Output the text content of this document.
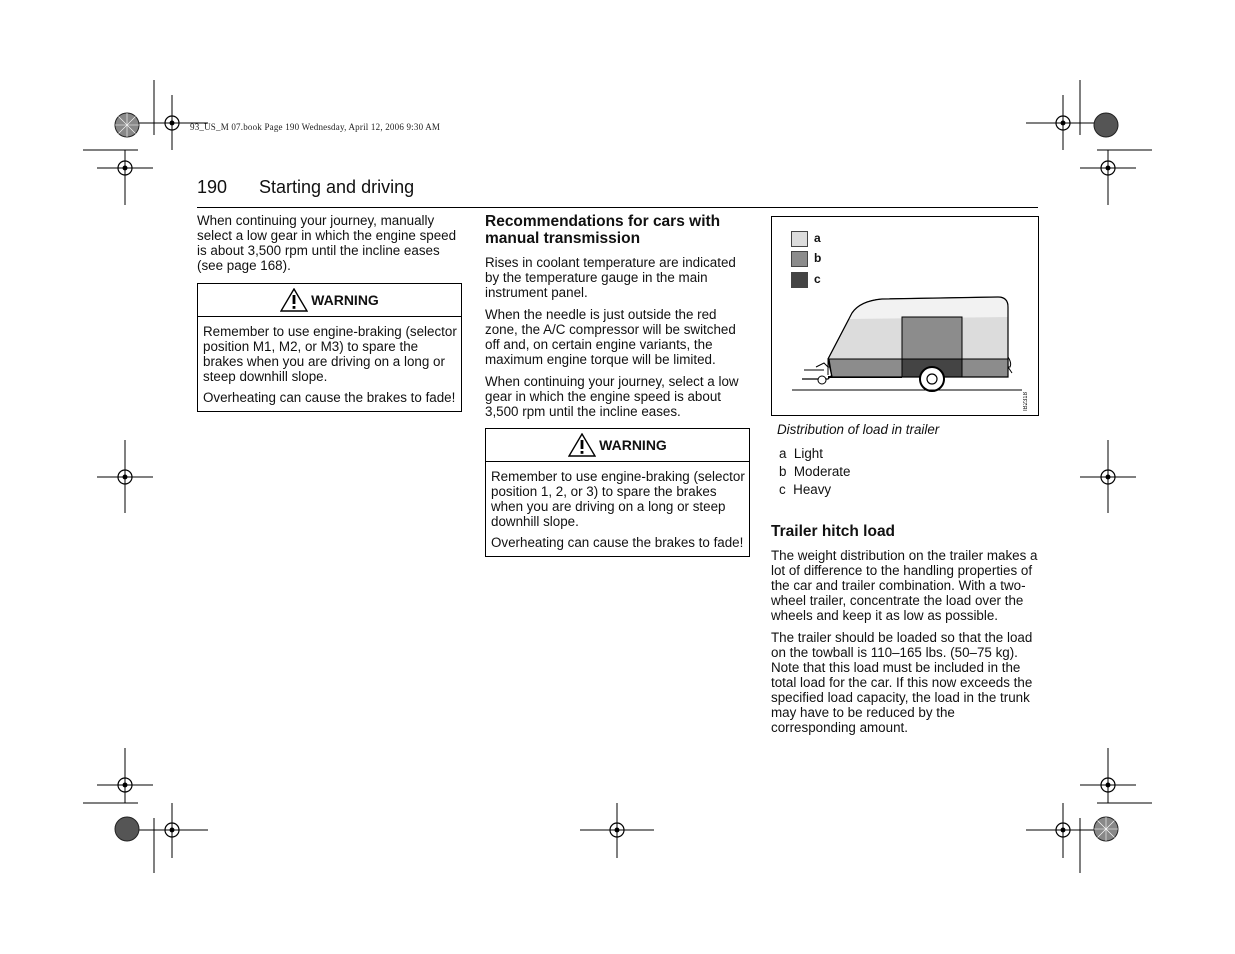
93_US_M 07.book Page 190 Wednesday, April 12, 2006 9:30 AM
190 Starting and driving

When continuing your journey, manually select a low gear in which the engine speed is about 3,500 rpm until the incline eases (see page 168).

WARNING

Remember to use engine-braking (selector position M1, M2, or M3) to spare the brakes when you are driving on a long or steep downhill slope.

Overheating can cause the brakes to fade!

Recommendations for cars with manual transmission

Rises in coolant temperature are indicated by the temperature gauge in the main instrument panel.

When the needle is just outside the red zone, the A/C compressor will be switched off and, on certain engine variants, the maximum engine torque will be limited.

When continuing your journey, select a low gear in which the engine speed is about 3,500 rpm until the incline eases.

WARNING

Remember to use engine-braking (selector position 1, 2, or 3) to spare the brakes when you are driving on a long or steep downhill slope.

Overheating can cause the brakes to fade!

a
b
c
IB2318
Distribution of load in trailer
a Light
b Moderate
c Heavy
Trailer hitch load

The weight distribution on the trailer makes a lot of difference to the handling properties of the car and trailer combination. With a two-wheel trailer, concentrate the load over the wheels and keep it as low as possible.

The trailer should be loaded so that the load on the towball is 110–165 lbs. (50–75 kg). Note that this load must be included in the total load for the car. If this now exceeds the specified load capacity, the load in the trunk may have to be reduced by the corresponding amount.
